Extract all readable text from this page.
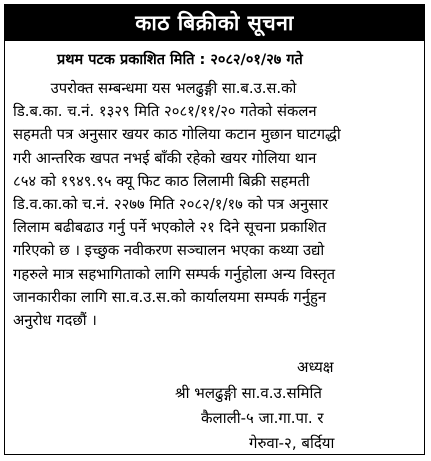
काठ बिक्रीको सूचना
प्रथम पटक प्रकाशित मिति : २०८२/०१/२७ गते
उपरोक्त सम्बन्धमा यस भलढुङ्गी सा.ब.उ.स.को
डि.ब.का. च.नं. १३२९ मिति २०८१/११/२० गतेको संकलन
सहमती पत्र अनुसार खयर काठ गोलिया कटान मुछान घाटगद्धी
गरी आन्तरिक खपत नभई बाँकी रहेको खयर गोलिया थान
८५४ को १९४९.९५ क्यू फिट काठ लिलामी बिक्री सहमती
डि.व.का.को च.नं. २२७७ मिति २०८२/१/१७ को पत्र अनुसार
लिलाम बढीबढाउ गर्नु पर्ने भएकोले २१ दिने सूचना प्रकाशित
गरिएको छ । इच्छुक नवीकरण सञ्चालन भएका कथ्या उद्यो
गहरुले मात्र सहभागिताको लागि सम्पर्क गर्नुहोला अन्य विस्तृत
जानकारीका लागि सा.व.उ.स.को कार्यालयमा सम्पर्क गर्नुहुन
अनुरोध गदछौं ।
अध्यक्ष
श्री भलढुङ्गी सा.व.उ.समिति
कैलाली-५ जा.गा.पा. र
गेरुवा-२, बर्दिया
